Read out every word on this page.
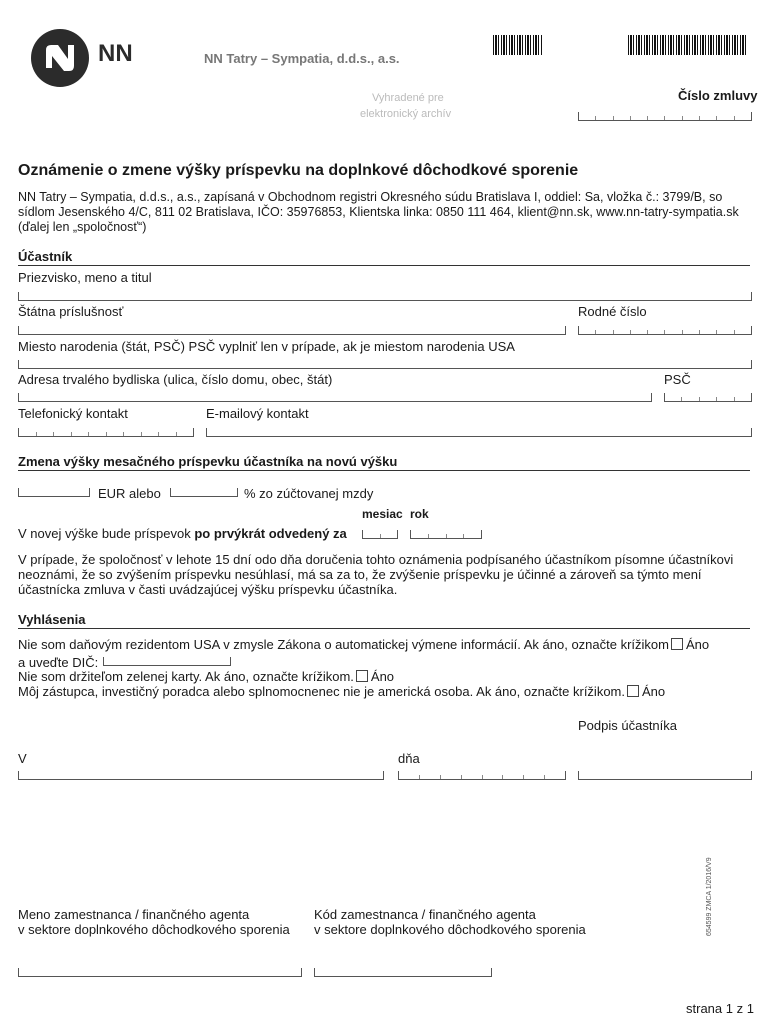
NN	NN Tatry – Sympatia, d.d.s., a.s.
Vyhradené pre
elektronický archív
Číslo zmluvy
Oznámenie o zmene výšky príspevku na doplnkové dôchodkové sporenie
NN Tatry – Sympatia, d.d.s., a.s., zapísaná v Obchodnom registri Okresného súdu Bratislava I, oddiel: Sa, vložka č.: 3799/B, so
sídlom Jesenského 4/C, 811 02 Bratislava, IČO: 35976853, Klientska linka: 0850 111 464, klient@nn.sk, www.nn-tatry-sympatia.sk
(ďalej len „spoločnosť“)
Účastník
Priezvisko, meno a titul
Štátna príslušnosť	Rodné číslo
Miesto narodenia (štát, PSČ) PSČ vyplniť len v prípade, ak je miestom narodenia USA
Adresa trvalého bydliska (ulica, číslo domu, obec, štát)	PSČ
Telefonický kontakt	E-mailový kontakt
Zmena výšky mesačného príspevku účastníka na novú výšku
EUR alebo	% zo zúčtovanej mzdy
mesiac rok
V novej výške bude príspevok po prvýkrát odvedený za
V prípade, že spoločnosť v lehote 15 dní odo dňa doručenia tohto oznámenia podpísaného účastníkom písomne účastníkovi
neoznámi, že so zvýšením príspevku nesúhlasí, má sa za to, že zvýšenie príspevku je účinné a zároveň sa týmto mení
účastnícka zmluva v časti uvádzajúcej výšku príspevku účastníka.
Vyhlásenia
Nie som daňovým rezidentom USA v zmysle Zákona o automatickej výmene informácií. Ak áno, označte krížikom Áno
a uveďte DIČ:
Nie som držiteľom zelenej karty. Ak áno, označte krížikom. Áno
Môj zástupca, investičný poradca alebo splnomocnenec nie je americká osoba. Ak áno, označte krížikom. Áno
Podpis účastníka
V	dňa
Meno zamestnanca / finančného agenta
v sektore doplnkového dôchodkového sporenia
Kód zamestnanca / finančného agenta
v sektore doplnkového dôchodkového sporenia	654599 ZMCA 1/2016/V9
strana 1 z 1
